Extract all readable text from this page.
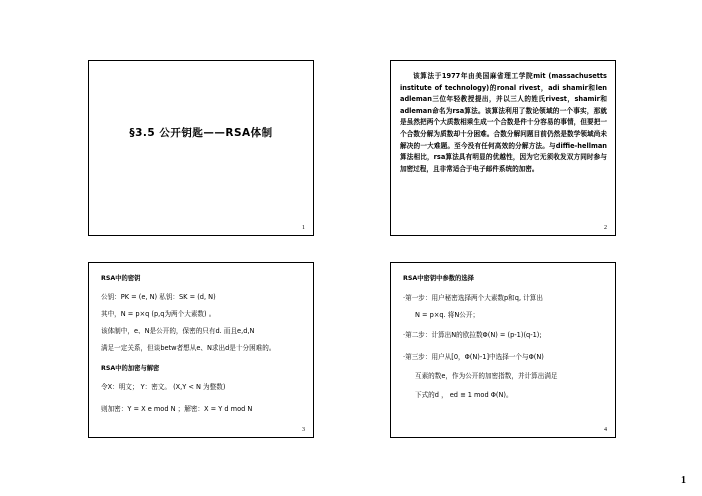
§3.5 公开钥匙——RSA体制
1
该算法于1977年由美国麻省理工学院mit (massachusetts institute of technology)的ronal rivest，adi shamir和len adleman三位年轻教授提出，并以三人的姓氏rivest，shamir和adleman命名为rsa算法。该算法利用了数论领域的一个事实，那就是虽然把两个大质数相乘生成一个合数是件十分容易的事情，但要把一个合数分解为质数却十分困难。合数分解问题目前仍然是数学领域尚未解决的一大难题。至今没有任何高效的分解方法。与diffie-hellman算法相比，rsa算法具有明显的优越性，因为它无须收发双方同时参与加密过程，且非常适合于电子邮件系统的加密。
2
RSA中的密钥
公钥：PK = (e, N) 私钥：SK = (d, N)
其中，N = p×q (p,q为两个大素数) 。
该体制中，e、N是公开的，保密的只有d. 而且e,d,N
满足一定关系，但谈betw者想从e、N求出d是十分困难的。
RSA中的加密与解密
令X：明文； Y：密文。 (X,Y < N 为整数)
则加密：Y = X e mod N ；解密：X = Y d mod N
3
RSA中密钥中参数的选择
·第一步：用户秘密选择两个大素数p和q, 计算出
N = p×q. 将N公开；
·第二步：计算出N的欧拉数Φ(N) = (p-1)(q-1);
·第三步：用户从[0，Φ(N)-1]中选择一个与Φ(N)
互素的数e，作为公开的加密指数，并计算出满足
下式的d ， ed ≡ 1 mod Φ(N)。
4
1
